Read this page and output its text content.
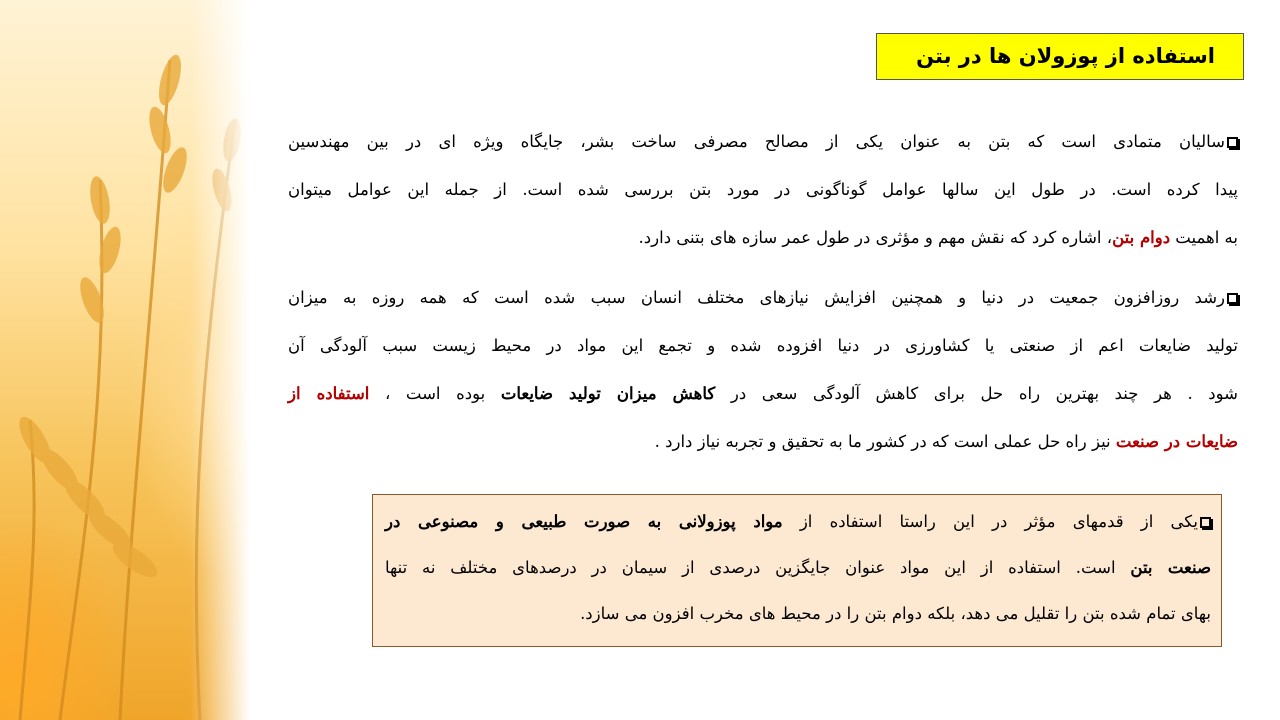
استفاده از پوزولان ها در بتن
سالیان متمادی است که بتن به عنوان یکی از مصالح مصرفی ساخت بشر، جایگاه ویژه ای در بین مهندسین
پیدا کرده است. در طول این سالها عوامل گوناگونی در مورد بتن بررسی شده است. از جمله این عوامل میتوان
به اهمیت دوام بتن، اشاره کرد که نقش مهم و مؤثری در طول عمر سازه های بتنی دارد.
رشد روزافزون جمعیت در دنیا و همچنین افزایش نیازهای مختلف انسان سبب شده است که همه روزه به میزان
تولید ضایعات اعم از صنعتی یا کشاورزی در دنیا افزوده شده و تجمع این مواد در محیط زیست سبب آلودگی آن
شود . هر چند بهترین راه حل برای کاهش آلودگی سعی در کاهش میزان تولید ضایعات بوده است ، استفاده از
ضایعات در صنعت نیز راه حل عملی است که در کشور ما به تحقیق و تجربه نیاز دارد .
یکی از قدمهای مؤثر در این راستا استفاده از مواد پوزولانی به صورت طبیعی و مصنوعی در
صنعت بتن است. استفاده از این مواد عنوان جایگزین درصدی از سیمان در درصدهای مختلف نه تنها
بهای تمام شده بتن را تقلیل می دهد، بلکه دوام بتن را در محیط های مخرب افزون می سازد.
